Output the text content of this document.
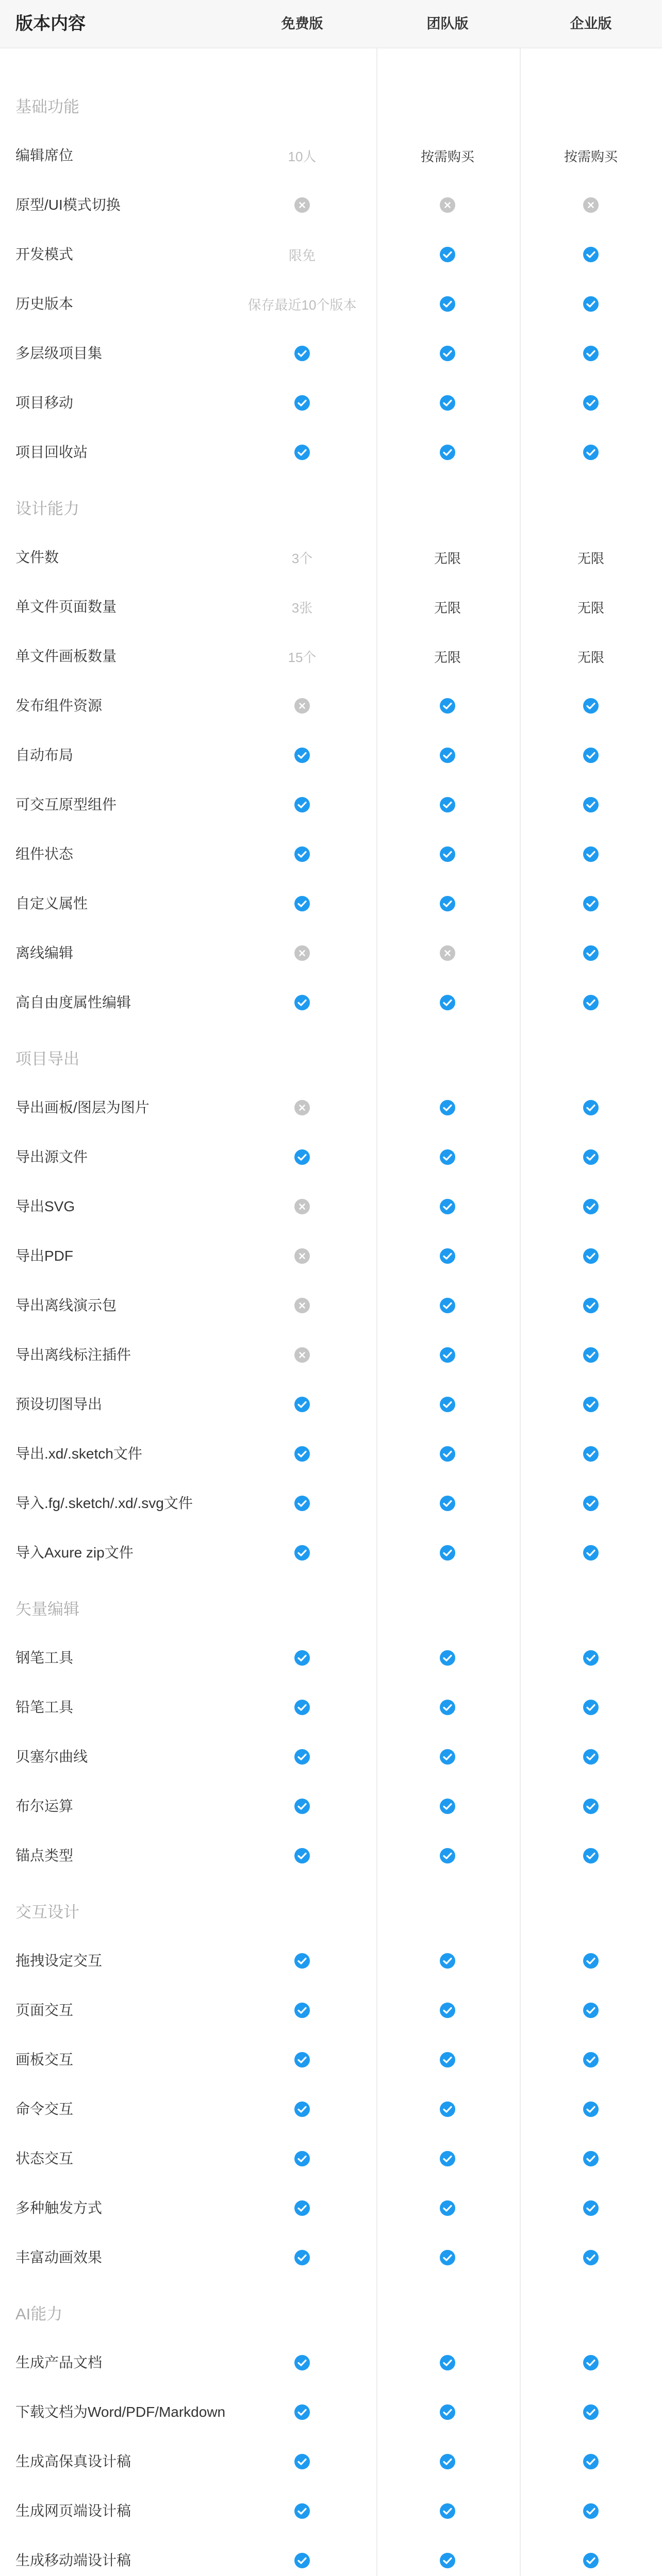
版本内容	免费版	团队版	企业版
基础功能
编辑席位	10人	按需购买	按需购买
原型/UI模式切换
开发模式	限免
历史版本	保存最近10个版本
多层级项目集
项目移动
项目回收站
设计能力
文件数	3个	无限	无限
单文件页面数量	3张	无限	无限
单文件画板数量	15个	无限	无限
发布组件资源
自动布局
可交互原型组件
组件状态
自定义属性
离线编辑
高自由度属性编辑
项目导出
导出画板/图层为图片
导出源文件
导出SVG
导出PDF
导出离线演示包
导出离线标注插件
预设切图导出
导出.xd/.sketch文件
导入.fg/.sketch/.xd/.svg文件
导入Axure zip文件
矢量编辑
钢笔工具
铅笔工具
贝塞尔曲线
布尔运算
锚点类型
交互设计
拖拽设定交互
页面交互
画板交互
命令交互
状态交互
多种触发方式
丰富动画效果
AI能力
生成产品文档
下载文档为Word/PDF/Markdown
生成高保真设计稿
生成网页端设计稿
生成移动端设计稿
